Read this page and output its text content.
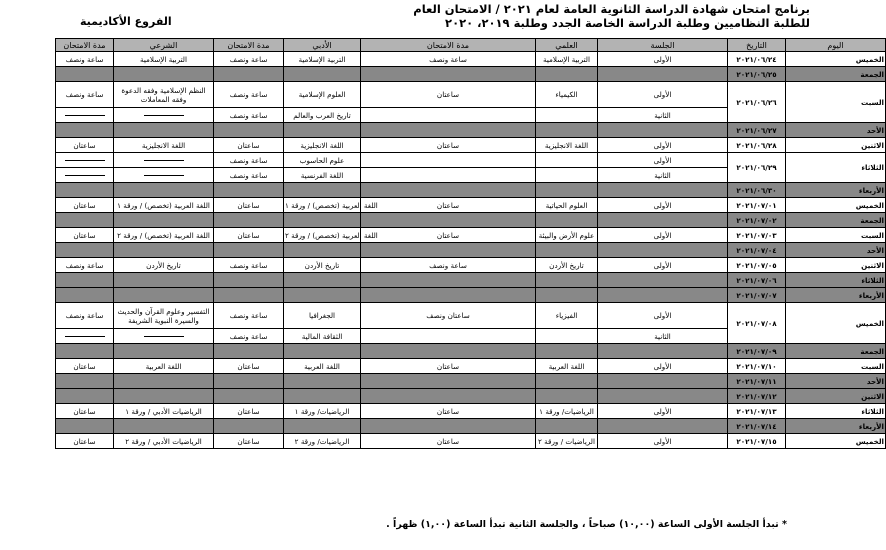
برنامج امتحان شهادة الدراسة الثانوية العامة لعام ٢٠٢١ / الامتحان العام
للطلبة النظاميين وطلبة الدراسة الخاصة الجدد وطلبة ٢٠١٩، ٢٠٢٠
الفروع الأكاديمية
مدة الامتحان	الشرعي	مدة الامتحان	الأدبي	مدة الامتحان	العلمي	الجلسة	التاريخ	اليوم
ساعة ونصف	التربية الإسلامية	ساعة ونصف	التربية الإسلامية	ساعة ونصف	التربية الإسلامية	الأولى	٢٠٢١/٠٦/٢٤	الخميس
							٢٠٢١/٠٦/٢٥	الجمعة
ساعة ونصف	النظم الإسلامية وفقه الدعوة وفقه المعاملات	ساعة ونصف	العلوم الإسلامية	ساعتان	الكيمياء	الأولى	٢٠٢١/٠٦/٢٦	السبت
		ساعة ونصف	تاريخ العرب والعالم			الثانية		
							٢٠٢١/٠٦/٢٧	الأحد
ساعتان	اللغة الانجليزية	ساعتان	اللغة الانجليزية	ساعتان	اللغة الانجليزية	الأولى	٢٠٢١/٠٦/٢٨	الاثنين
		ساعة ونصف	علوم الحاسوب			الأولى	٢٠٢١/٠٦/٢٩	الثلاثاء
		ساعة ونصف	اللغة الفرنسية			الثانية		
							٢٠٢١/٠٦/٣٠	الأربعاء
ساعتان	اللغة العربية (تخصص) / ورقة ١	ساعتان	اللغة العربية (تخصص) / ورقة ١	ساعتان	العلوم الحياتية	الأولى	٢٠٢١/٠٧/٠١	الخميس
							٢٠٢١/٠٧/٠٢	الجمعة
ساعتان	اللغة العربية (تخصص) / ورقة ٢	ساعتان	اللغة العربية (تخصص) / ورقة ٢	ساعتان	علوم الأرض والبيئة	الأولى	٢٠٢١/٠٧/٠٣	السبت
							٢٠٢١/٠٧/٠٤	الأحد
ساعة ونصف	تاريخ الأردن	ساعة ونصف	تاريخ الأردن	ساعة ونصف	تاريخ الأردن	الأولى	٢٠٢١/٠٧/٠٥	الاثنين
							٢٠٢١/٠٧/٠٦	الثلاثاء
							٢٠٢١/٠٧/٠٧	الأربعاء
ساعة ونصف	التفسير وعلوم القرآن والحديث والسيرة النبوية الشريفة	ساعة ونصف	الجغرافيا	ساعتان ونصف	الفيزياء	الأولى	٢٠٢١/٠٧/٠٨	الخميس
		ساعة ونصف	الثقافة المالية			الثانية		
							٢٠٢١/٠٧/٠٩	الجمعة
ساعتان	اللغة العربية	ساعتان	اللغة العربية	ساعتان	اللغة العربية	الأولى	٢٠٢١/٠٧/١٠	السبت
							٢٠٢١/٠٧/١١	الأحد
							٢٠٢١/٠٧/١٢	الاثنين
ساعتان	الرياضيات الأدبي / ورقة ١	ساعتان	الرياضيات/ ورقة ١	ساعتان	الرياضيات/ ورقة ١	الأولى	٢٠٢١/٠٧/١٣	الثلاثاء
							٢٠٢١/٠٧/١٤	الأربعاء
ساعتان	الرياضيات الأدبي / ورقة ٢	ساعتان	الرياضيات/ ورقة ٢	ساعتان	الرياضيات / ورقة ٢	الأولى	٢٠٢١/٠٧/١٥	الخميس
* تبدأ الجلسة الأولى الساعة (١٠,٠٠) صباحاً ، والجلسة الثانية تبدأ الساعة (١,٠٠) ظهراً .
